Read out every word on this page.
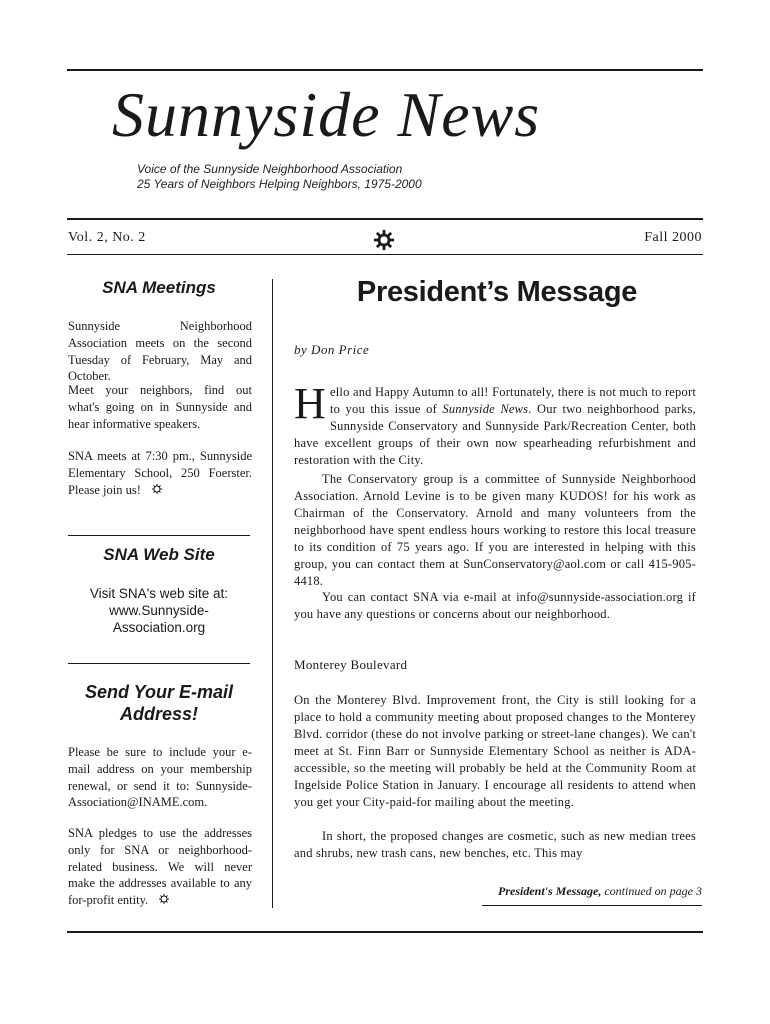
Sunnyside News
Voice of the Sunnyside Neighborhood Association
25 Years of Neighbors Helping Neighbors, 1975-2000
Vol. 2, No. 2	Fall 2000
SNA Meetings

Sunnyside Neighborhood Association meets on the second Tuesday of February, May and October.

Meet your neighbors, find out what's going on in Sunnyside and hear informative speakers.

SNA meets at 7:30 pm., Sunnyside Elementary School, 250 Foerster. Please join us!

SNA Web Site
Visit SNA's web site at: www.Sunnyside-Association.org
Send Your E-mail Address!

Please be sure to include your e-mail address on your membership renewal, or send it to: Sunnyside-Association@INAME.com.

SNA pledges to use the addresses only for SNA or neighborhood-related business. We will never make the addresses available to any for-profit entity.

President’s Message
by Don Price

Hello and Happy Autumn to all! Fortunately, there is not much to report to you this issue of Sunnyside News. Our two neighborhood parks, Sunnyside Conservatory and Sunnyside Park/Recreation Center, both have excellent groups of their own now spearheading refurbishment and restoration with the City.

The Conservatory group is a committee of Sunnyside Neighborhood Association. Arnold Levine is to be given many KUDOS! for his work as Chairman of the Conservatory. Arnold and many volunteers from the neighborhood have spent endless hours working to restore this local treasure to its condition of 75 years ago. If you are interested in helping with this group, you can contact them at SunConservatory@aol.com or call 415-905-4418.

You can contact SNA via e-mail at info@sunnyside-association.org if you have any questions or concerns about our neighborhood.

Monterey Boulevard

On the Monterey Blvd. Improvement front, the City is still looking for a place to hold a community meeting about proposed changes to the Monterey Blvd. corridor (these do not involve parking or street-lane changes). We can't meet at St. Finn Barr or Sunnyside Elementary School as neither is ADA-accessible, so the meeting will probably be held at the Community Room at Ingelside Police Station in January. I encourage all residents to attend when you get your City-paid-for mailing about the meeting.

In short, the proposed changes are cosmetic, such as new median trees and shrubs, new trash cans, new benches, etc. This may

President's Message, continued on page 3
